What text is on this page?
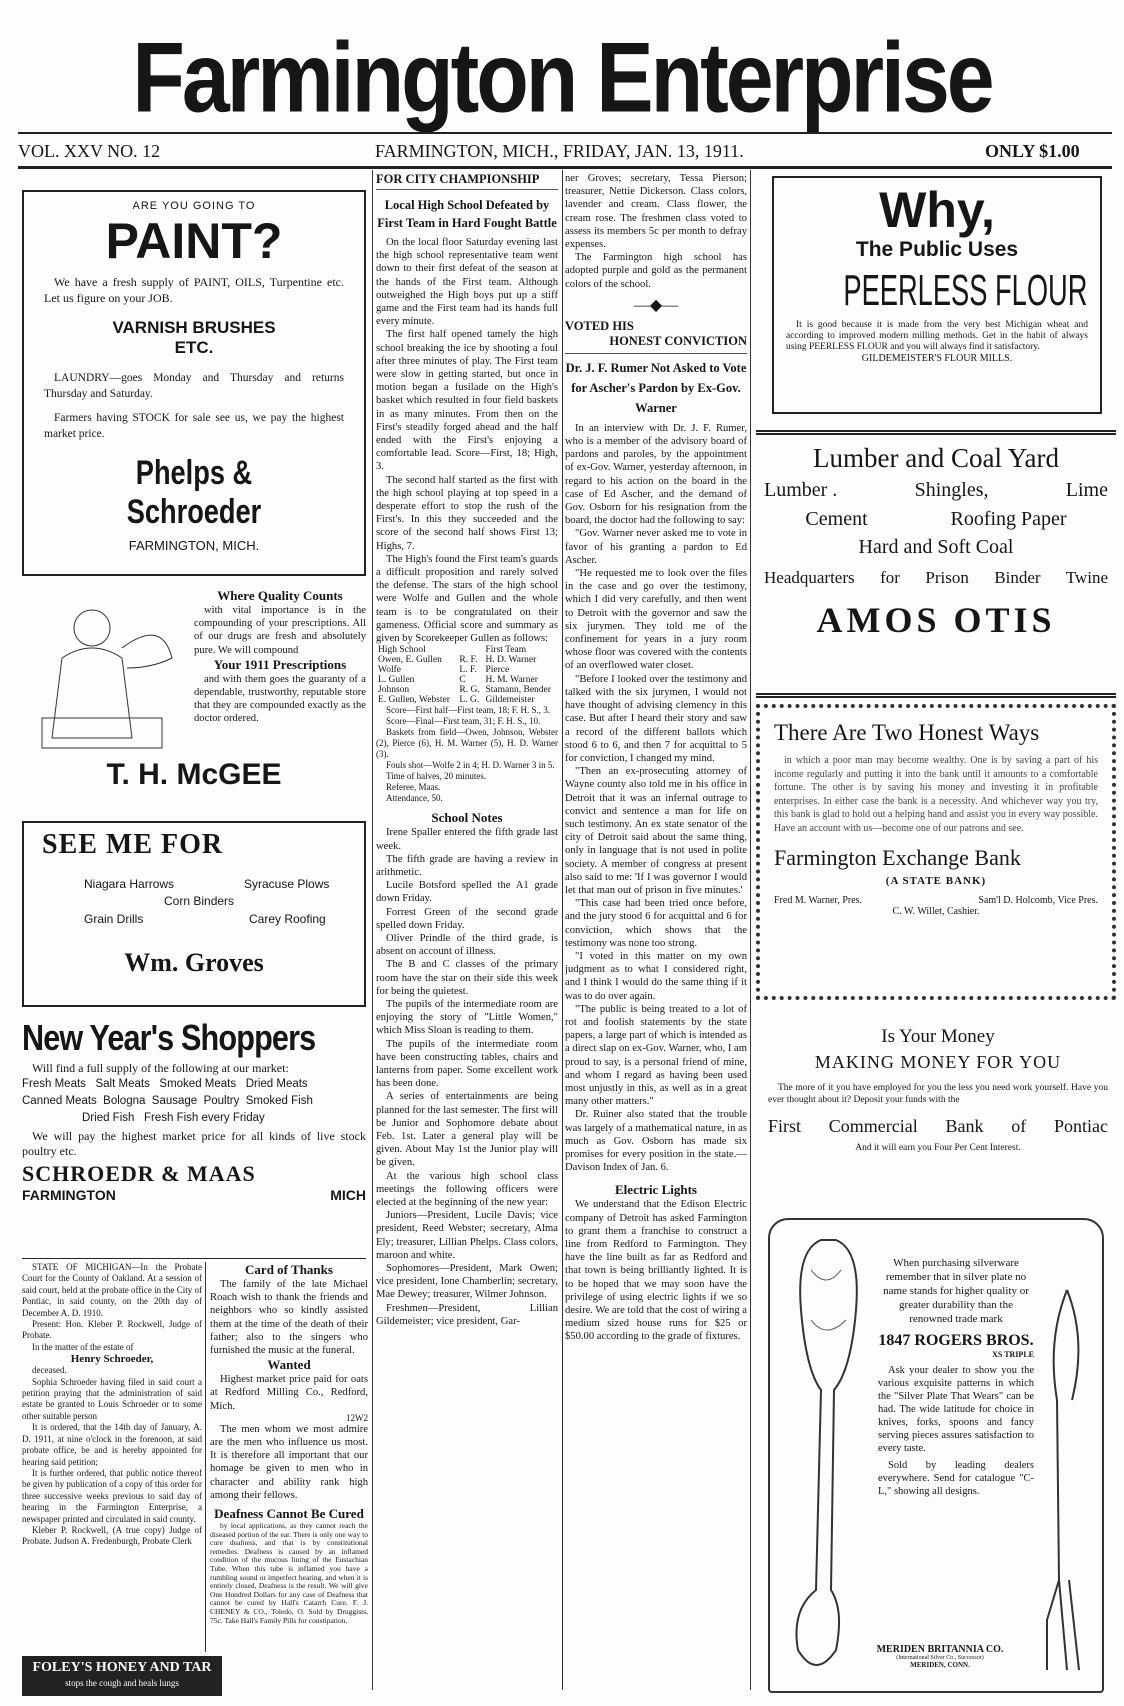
Farmington Enterprise
VOL. XXV NO. 12	FARMINGTON, MICH., FRIDAY, JAN. 13, 1911.	ONLY $1.00
ARE YOU GOING TO
PAINT?

We have a fresh supply of PAINT, OILS, Turpentine etc. Let us figure on your JOB.

VARNISH BRUSHES
ETC.

LAUNDRY—goes Monday and Thursday and returns Thursday and Saturday.

Farmers having STOCK for sale see us, we pay the highest market price.

Phelps & Schroeder
FARMINGTON, MICH.
Where Quality Counts

with vital importance is in the compounding of your prescriptions. All of our drugs are fresh and absolutely pure. We will compound

Your 1911 Prescriptions

and with them goes the guaranty of a dependable, trustworthy, reputable store that they are compounded exactly as the doctor ordered.

T. H. McGEE
SEE ME FOR
Niagara Harrows	Syracuse Plows
Corn Binders
Grain Drills	Carey Roofing
Wm. Groves
New Year's Shoppers

Will find a full supply of the following at our market:

Fresh Meats   Salt Meats   Smoked Meats   Dried Meats
Canned Meats  Bologna  Sausage  Poultry  Smoked Fish
Dried Fish   Fresh Fish every Friday

We will pay the highest market price for all kinds of live stock poultry etc.

SCHROEDR & MAAS
FARMINGTON	MICH

STATE OF MICHIGAN—In the Probate Court for the County of Oakland. At a session of said court, held at the probate office in the City of Pontiac, in said county, on the 20th day of December A. D. 1910.

Present: Hon. Kleber P. Rockwell, Judge of Probate.

In the matter of the estate of

Henry Schroeder,

deceased.

Sophia Schroeder having filed in said court a petition praying that the administration of said estate be granted to Louis Schroeder or to some other suitable person

It is ordered, that the 14th day of January, A. D. 1911, at nine o'clock in the forenoon, at said probate office, be and is hereby appointed for hearing said petition;

It is further ordered, that public notice thereof be given by publication of a copy of this order for three successive weeks previous to said day of hearing in the Farmington Enterprise, a newspaper printed and circulated in said county.

Kleber P. Rockwell, (A true copy) Judge of Probate. Judson A. Fredenburgh, Probate Clerk

Card of Thanks

The family of the late Michael Roach wish to thank the friends and neighbors who so kindly assisted them at the time of the death of their father; also to the singers who furnished the music at the funeral.

Wanted

Highest market price paid for oats at Redford Milling Co., Redford, Mich.

12W2

The men whom we most admire are the men who influence us most. It is therefore all important that our homage be given to men who in character and ability rank high among their fellows.

Deafness Cannot Be Cured

by local applications, as they cannot reach the diseased portion of the ear. There is only one way to cure deafness, and that is by constitutional remedies. Deafness is caused by an inflamed condition of the mucous lining of the Eustachian Tube. When this tube is inflamed you have a rumbling sound or imperfect hearing, and when it is entirely closed, Deafness is the result. We will give One Hundred Dollars for any case of Deafness that cannot be cured by Hall's Catarrh Cure. F. J. CHENEY & CO., Toledo, O. Sold by Druggists, 75c. Take Hall's Family Pills for constipation.

FOLEY'S HONEY AND TAR
stops the cough and heals lungs
FOR CITY CHAMPIONSHIP
Local High School Defeated by First Team in Hard Fought Battle

On the local floor Saturday evening last the high school representative team went down to their first defeat of the season at the hands of the First team. Although outweighed the High boys put up a stiff game and the First team had its hands full every minute.

The first half opened tamely the high school breaking the ice by shooting a foul after three minutes of play. The First team were slow in getting started, but once in motion began a fusilade on the High's basket which resulted in four field baskets in as many minutes. From then on the First's steadily forged ahead and the half ended with the First's enjoying a comfortable lead. Score—First, 18; High, 3.

The second half started as the first with the high school playing at top speed in a desperate effort to stop the rush of the First's. In this they succeeded and the score of the second half shows First 13; Highs, 7.

The High's found the First team's guards a difficult proposition and rarely solved the defense. The stars of the high school were Wolfe and Gullen and the whole team is to be congratulated on their gameness. Official score and summary as given by Scorekeeper Gullen as follows:

High School		First Team
Owen, E. Gullen	R. F.	H. D. Warner
Wolfe	L. F.	Pierce
L. Gullen	C	H. M. Warner
Johnson	R. G.	Stamann, Bender
E. Gullen, Webster	L. G.	Gildemeister

Score—First half—First team, 18; F. H. S., 3.

Score—Final—First team, 31; F. H. S., 10.

Baskets from field—Owen, Johnson, Webster (2), Pierce (6), H. M. Warner (5), H. D. Warner (3).

Fouls shot—Wolfe 2 in 4; H. D. Warner 3 in 5.

Time of halves, 20 minutes.

Referee, Maas.

Attendance, 50.

School Notes

Irene Spaller entered the fifth grade last week.

The fifth grade are having a review in arithmetic.

Lucile Botsford spelled the A1 grade down Friday.

Forrest Green of the second grade spelled down Friday.

Oliver Prindle of the third grade, is absent on account of illness.

The B and C classes of the primary room have the star on their side this week for being the quietest.

The pupils of the intermediate room are enjoying the story of "Little Women," which Miss Sloan is reading to them.

The pupils of the intermediate room have been constructing tables, chairs and lanterns from paper. Some excellent work has been done.

A series of entertainments are being planned for the last semester. The first will be Junior and Sophomore debate about Feb. 1st. Later a general play will be given. About May 1st the Junior play will be given.

At the various high school class meetings the following officers were elected at the beginning of the new year:

Juniors—President, Lucile Davis; vice president, Reed Webster; secretary, Alma Ely; treasurer, Lillian Phelps. Class colors, maroon and white.

Sophomores—President, Mark Owen; vice president, Ione Chamberlin; secretary, Mae Dewey; treasurer, Wilmer Johnson.

Freshmen—President, Lillian Gildemeister; vice president, Gar-

ner Groves; secretary, Tessa Pierson; treasurer, Nettie Dickerson. Class colors, lavender and cream. Class flower, the cream rose. The freshmen class voted to assess its members 5c per month to defray expenses.

The Farmington high school has adopted purple and gold as the permanent colors of the school.

—◆—
VOTED HIS
HONEST CONVICTION
Dr. J. F. Rumer Not Asked to Vote for Ascher's Pardon by Ex-Gov. Warner

In an interview with Dr. J. F. Rumer, who is a member of the advisory board of pardons and paroles, by the appointment of ex-Gov. Warner, yesterday afternoon, in regard to his action on the board in the case of Ed Ascher, and the demand of Gov. Osborn for his resignation from the board, the doctor had the following to say:

"Gov. Warner never asked me to vote in favor of his granting a pardon to Ed Ascher.

"He requested me to look over the files in the case and go over the testimony, which I did very carefully, and then went to Detroit with the governor and saw the six jurymen. They told me of the confinement for years in a jury room whose floor was covered with the contents of an overflowed water closet.

"Before I looked over the testimony and talked with the six jurymen, I would not have thought of advising clemency in this case. But after I heard their story and saw a record of the different ballots which stood 6 to 6, and then 7 for acquittal to 5 for conviction, I changed my mind.

"Then an ex-prosecuting attorney of Wayne county also told me in his office in Detroit that it was an infernal outrage to convict and sentence a man for life on such testimony. An ex state senator of the city of Detroit said about the same thing, only in language that is not used in polite society. A member of congress at present also said to me: 'If I was governor I would let that man out of prison in five minutes.'

"This case had been tried once before, and the jury stood 6 for acquittal and 6 for conviction, which shows that the testimony was none too strong.

"I voted in this matter on my own judgment as to what I considered right, and I think I would do the same thing if it was to do over again.

"The public is being treated to a lot of rot and foolish statements by the state papers, a large part of which is intended as a direct slap on ex-Gov. Warner, who, I am proud to say, is a personal friend of mine, and whom I regard as having been used most unjustly in this, as well as in a great many other matters."

Dr. Ruiner also stated that the trouble was largely of a mathematical nature, in as much as Gov. Osborn has made six promises for every position in the state.—Davison Index of Jan. 6.

Electric Lights

We understand that the Edison Electric company of Detroit has asked Farmington to grant them a franchise to construct a line from Redford to Farmington. They have the line built as far as Redford and that town is being brilliantly lighted. It is to be hoped that we may soon have the privilege of using electric lights if we so desire. We are told that the cost of wiring a medium sized house runs for $25 or $50.00 according to the grade of fixtures.

Why,
The Public Uses
PEERLESS FLOUR

It is good because it is made from the very best Michigan wheat and according to improved modern milling methods. Get in the habit of always using PEERLESS FLOUR and you will always find it satisfactory.

GILDEMEISTER'S FLOUR MILLS.
Lumber and Coal Yard
Lumber .	Shingles,	Lime
Cement	Roofing Paper
Hard and Soft Coal
Headquarters for Prison Binder Twine
AMOS OTIS
There Are Two Honest Ways

in which a poor man may become wealthy. One is by saving a part of his income regularly and putting it into the bank until it amounts to a comfortable fortune. The other is by saving his money and investing it in profitable enterprises. In either case the bank is a necessity. And whichever way you try, this bank is glad to hold out a helping hand and assist you in every way possible. Have an account with us—become one of our patrons and see.

Farmington Exchange Bank
(A STATE BANK)
Fred M. Warner, Pres.	Sam'l D. Holcomb, Vice Pres.
C. W. Willet, Cashier.
Is Your Money
MAKING MONEY FOR YOU

The more of it you have employed for you the less you need work yourself. Have you ever thought about it? Deposit your funds with the

First Commercial Bank of Pontiac
And it will earn you Four Per Cent Interest.

When purchasing silverware remember that in silver plate no name stands for higher quality or greater durability than the renowned trade mark

1847 ROGERS BROS.
XS TRIPLE

Ask your dealer to show you the various exquisite patterns in which the "Silver Plate That Wears" can be had. The wide latitude for choice in knives, forks, spoons and fancy serving pieces assures satisfaction to every taste.

Sold by leading dealers everywhere. Send for catalogue "C-L," showing all designs.

MERIDEN BRITANNIA CO.
(International Silver Co., Successor)
MERIDEN, CONN.
